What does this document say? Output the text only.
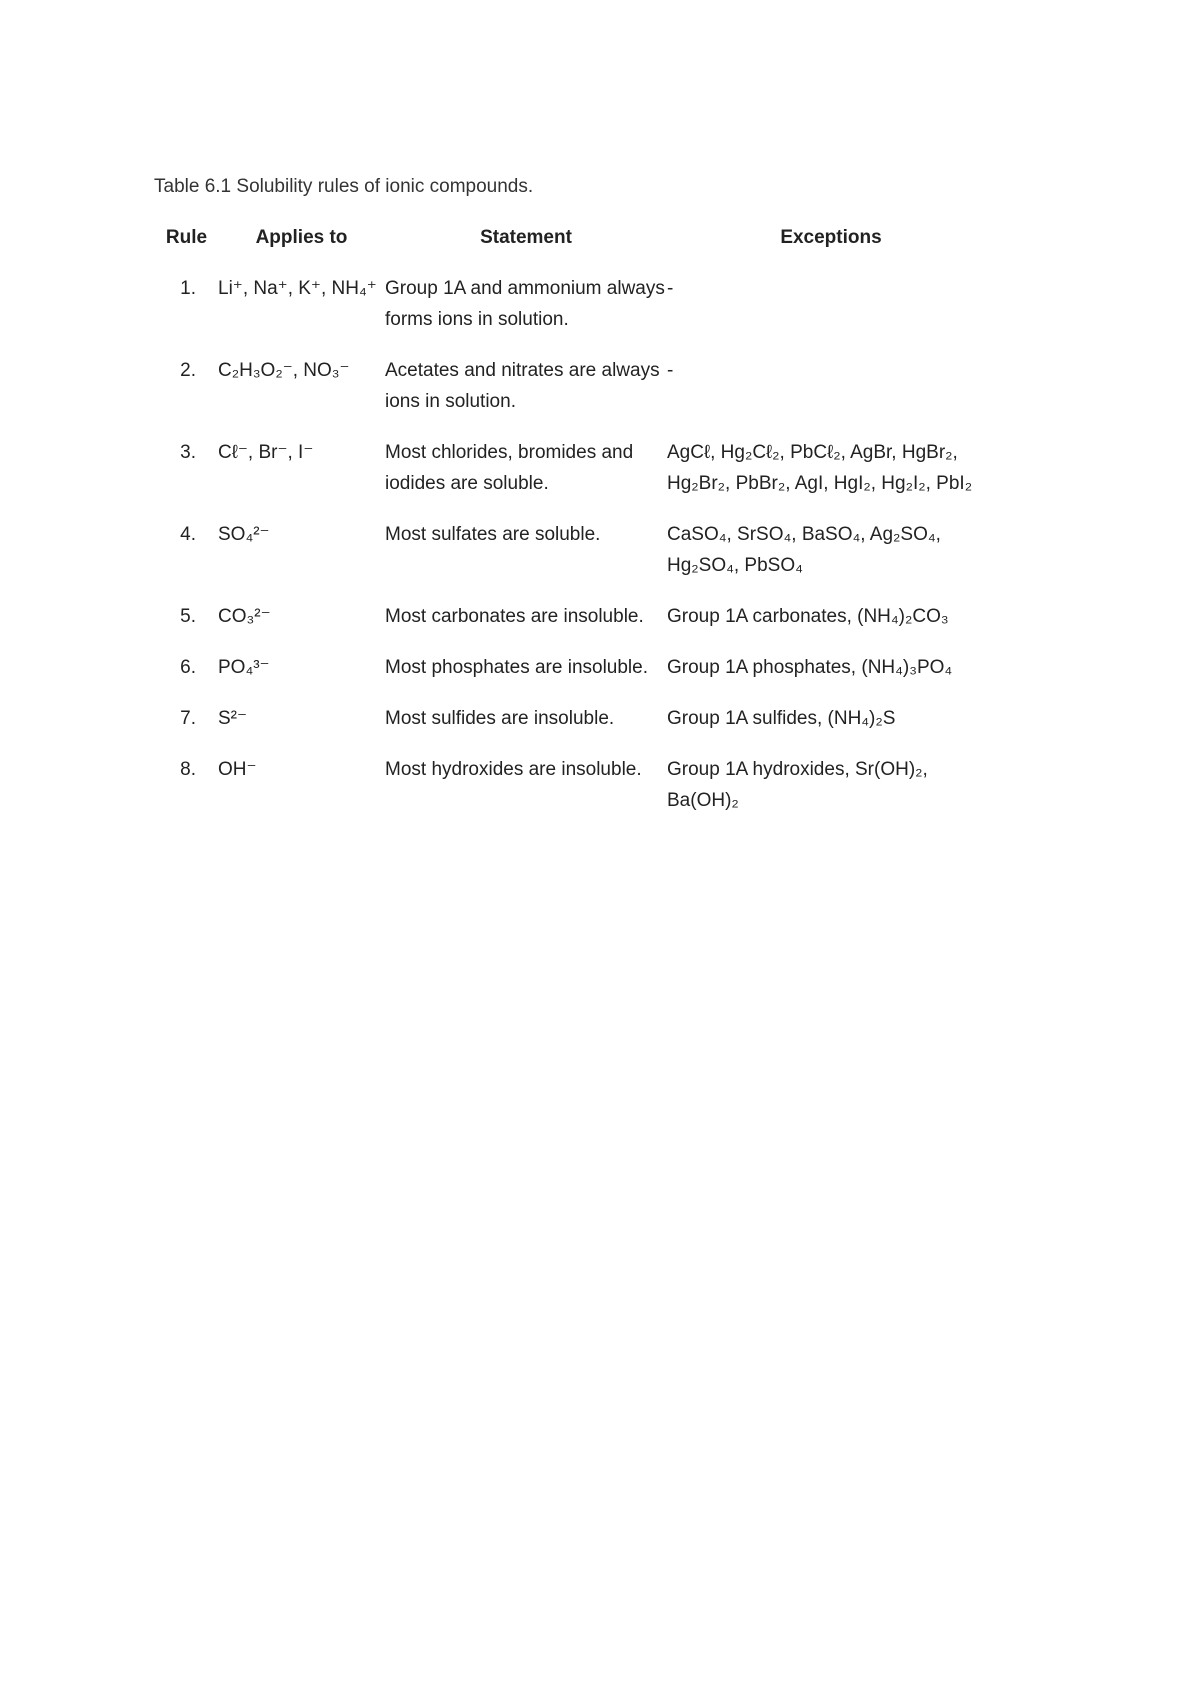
Table 6.1 Solubility rules of ionic compounds.
Rule	Applies to	Statement	Exceptions
1.	Li⁺, Na⁺, K⁺, NH₄⁺	Group 1A and ammonium always forms ions in solution.	-
2.	C₂H₃O₂⁻, NO₃⁻	Acetates and nitrates are always ions in solution.	-
3.	Cℓ⁻, Br⁻, I⁻	Most chlorides, bromides and iodides are soluble.	AgCℓ, Hg₂Cℓ₂, PbCℓ₂, AgBr, HgBr₂, Hg₂Br₂, PbBr₂, AgI, HgI₂, Hg₂I₂, PbI₂
4.	SO₄²⁻	Most sulfates are soluble.	CaSO₄, SrSO₄, BaSO₄, Ag₂SO₄, Hg₂SO₄, PbSO₄
5.	CO₃²⁻	Most carbonates are insoluble.	Group 1A carbonates, (NH₄)₂CO₃
6.	PO₄³⁻	Most phosphates are insoluble.	Group 1A phosphates, (NH₄)₃PO₄
7.	S²⁻	Most sulfides are insoluble.	Group 1A sulfides, (NH₄)₂S
8.	OH⁻	Most hydroxides are insoluble.	Group 1A hydroxides, Sr(OH)₂, Ba(OH)₂
